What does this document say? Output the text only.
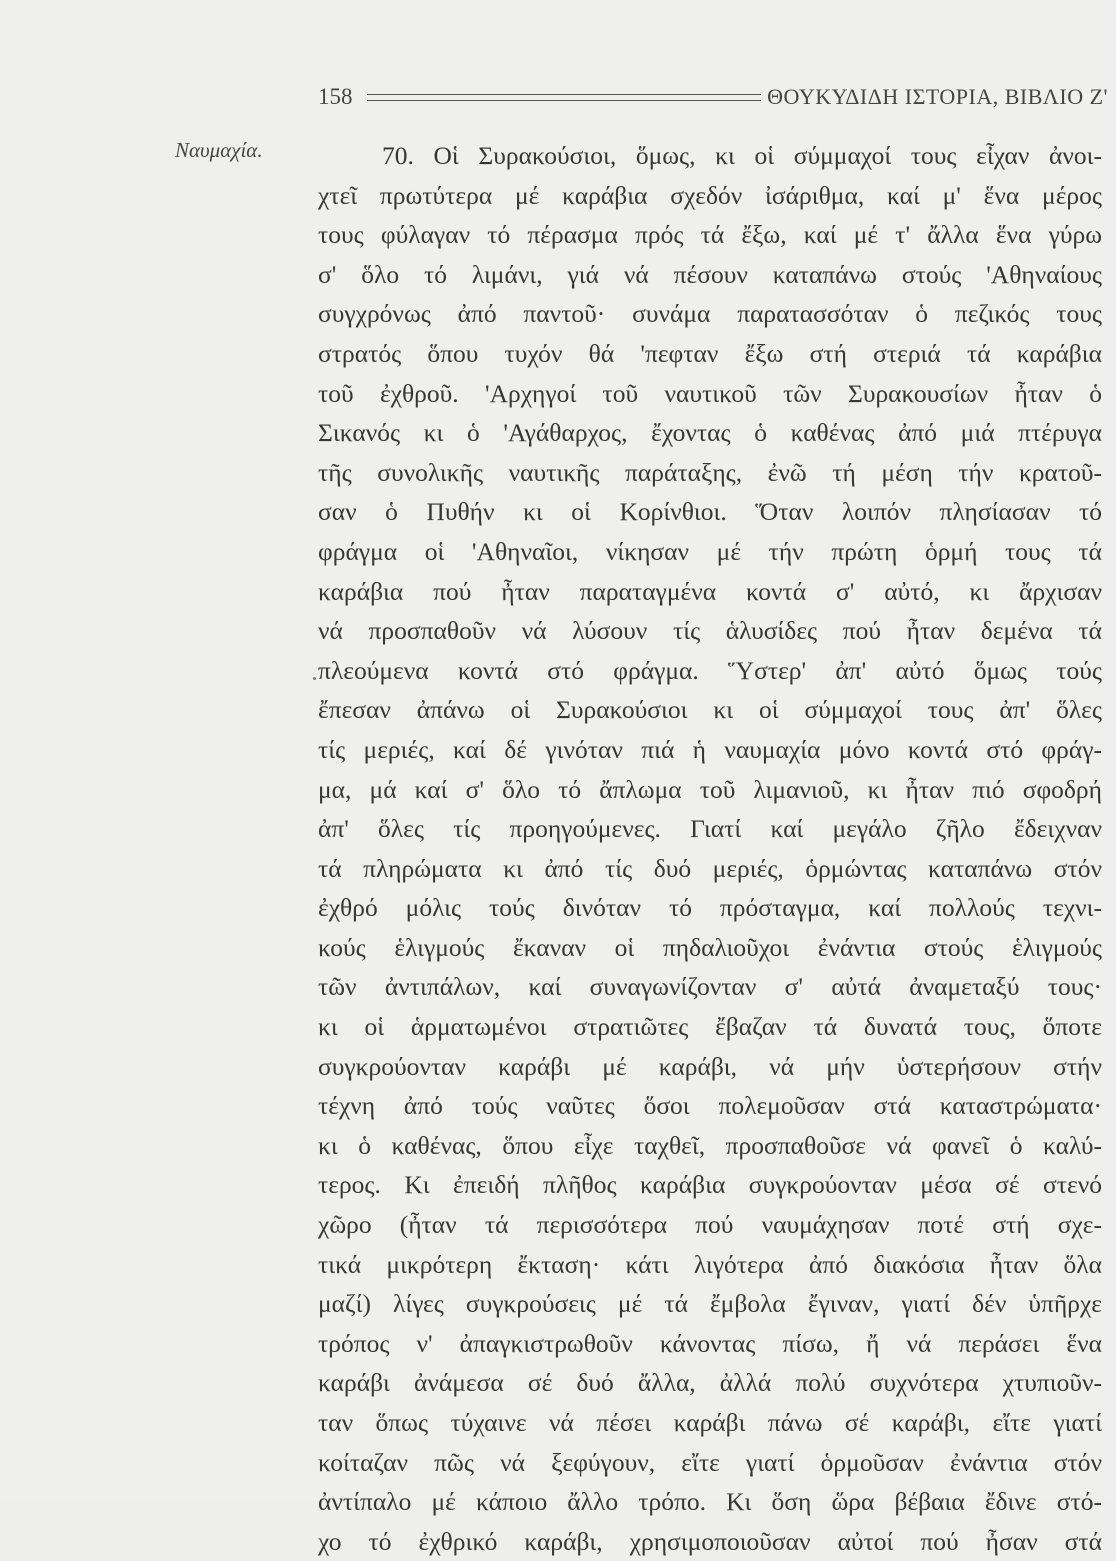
158	ΘΟΥΚΥΔΙΔΗ ΙΣΤΟΡΙΑ, ΒΙΒΛΙΟ Ζ'
Ναυμαχία.	70. Οἱ Συρακούσιοι, ὅμως, κι οἱ σύμμαχοί τους εἶχαν ἀνοι-
χτεῖ πρωτύτερα μέ καράβια σχεδόν ἰσάριθμα, καί μ' ἕνα μέρος
τους φύλαγαν τό πέρασμα πρός τά ἔξω, καί μέ τ' ἄλλα ἕνα γύρω
σ' ὅλο τό λιμάνι, γιά νά πέσουν καταπάνω στούς 'Αθηναίους
συγχρόνως ἀπό παντοῦ· συνάμα παρατασσόταν ὁ πεζικός τους
στρατός ὅπου τυχόν θά 'πεφταν ἔξω στή στεριά τά καράβια
τοῦ ἐχθροῦ. 'Αρχηγοί τοῦ ναυτικοῦ τῶν Συρακουσίων ἦταν ὁ
Σικανός κι ὁ 'Αγάθαρχος, ἔχοντας ὁ καθένας ἀπό μιά πτέρυγα
τῆς συνολικῆς ναυτικῆς παράταξης, ἐνῶ τή μέση τήν κρατοῦ-
σαν ὁ Πυθήν κι οἱ Κορίνθιοι. Ὅταν λοιπόν πλησίασαν τό
φράγμα οἱ 'Αθηναῖοι, νίκησαν μέ τήν πρώτη ὁρμή τους τά
καράβια πού ἦταν παραταγμένα κοντά σ' αὐτό, κι ἄρχισαν
νά προσπαθοῦν νά λύσουν τίς ἁλυσίδες πού ἦταν δεμένα τά
πλεούμενα κοντά στό φράγμα. Ὕστερ' ἀπ' αὐτό ὅμως τούς
ἔπεσαν ἀπάνω οἱ Συρακούσιοι κι οἱ σύμμαχοί τους ἀπ' ὅλες
τίς μεριές, καί δέ γινόταν πιά ἡ ναυμαχία μόνο κοντά στό φράγ-
μα, μά καί σ' ὅλο τό ἄπλωμα τοῦ λιμανιοῦ, κι ἦταν πιό σφοδρή
ἀπ' ὅλες τίς προηγούμενες. Γιατί καί μεγάλο ζῆλο ἔδειχναν
τά πληρώματα κι ἀπό τίς δυό μεριές, ὁρμώντας καταπάνω στόν
ἐχθρό μόλις τούς δινόταν τό πρόσταγμα, καί πολλούς τεχνι-
κούς ἑλιγμούς ἔκαναν οἱ πηδαλιοῦχοι ἐνάντια στούς ἑλιγμούς
τῶν ἀντιπάλων, καί συναγωνίζονταν σ' αὐτά ἀναμεταξύ τους·
κι οἱ ἁρματωμένοι στρατιῶτες ἔβαζαν τά δυνατά τους, ὅποτε
συγκρούονταν καράβι μέ καράβι, νά μήν ὑστερήσουν στήν
τέχνη ἀπό τούς ναῦτες ὅσοι πολεμοῦσαν στά καταστρώματα·
κι ὁ καθένας, ὅπου εἶχε ταχθεῖ, προσπαθοῦσε νά φανεῖ ὁ καλύ-
τερος. Κι ἐπειδή πλῆθος καράβια συγκρούονταν μέσα σέ στενό
χῶρο (ἦταν τά περισσότερα πού ναυμάχησαν ποτέ στή σχε-
τικά μικρότερη ἔκταση· κάτι λιγότερα ἀπό διακόσια ἦταν ὅλα
μαζί) λίγες συγκρούσεις μέ τά ἔμβολα ἔγιναν, γιατί δέν ὑπῆρχε
τρόπος ν' ἀπαγκιστρωθοῦν κάνοντας πίσω, ἤ νά περάσει ἕνα
καράβι ἀνάμεσα σέ δυό ἄλλα, ἀλλά πολύ συχνότερα χτυπιοῦν-
ταν ὅπως τύχαινε νά πέσει καράβι πάνω σέ καράβι, εἴτε γιατί
κοίταζαν πῶς νά ξεφύγουν, εἴτε γιατί ὁρμοῦσαν ἐνάντια στόν
ἀντίπαλο μέ κάποιο ἄλλο τρόπο. Κι ὅση ὥρα βέβαια ἔδινε στό-
χο τό ἐχθρικό καράβι, χρησιμοποιοῦσαν αὐτοί πού ἦσαν στά
